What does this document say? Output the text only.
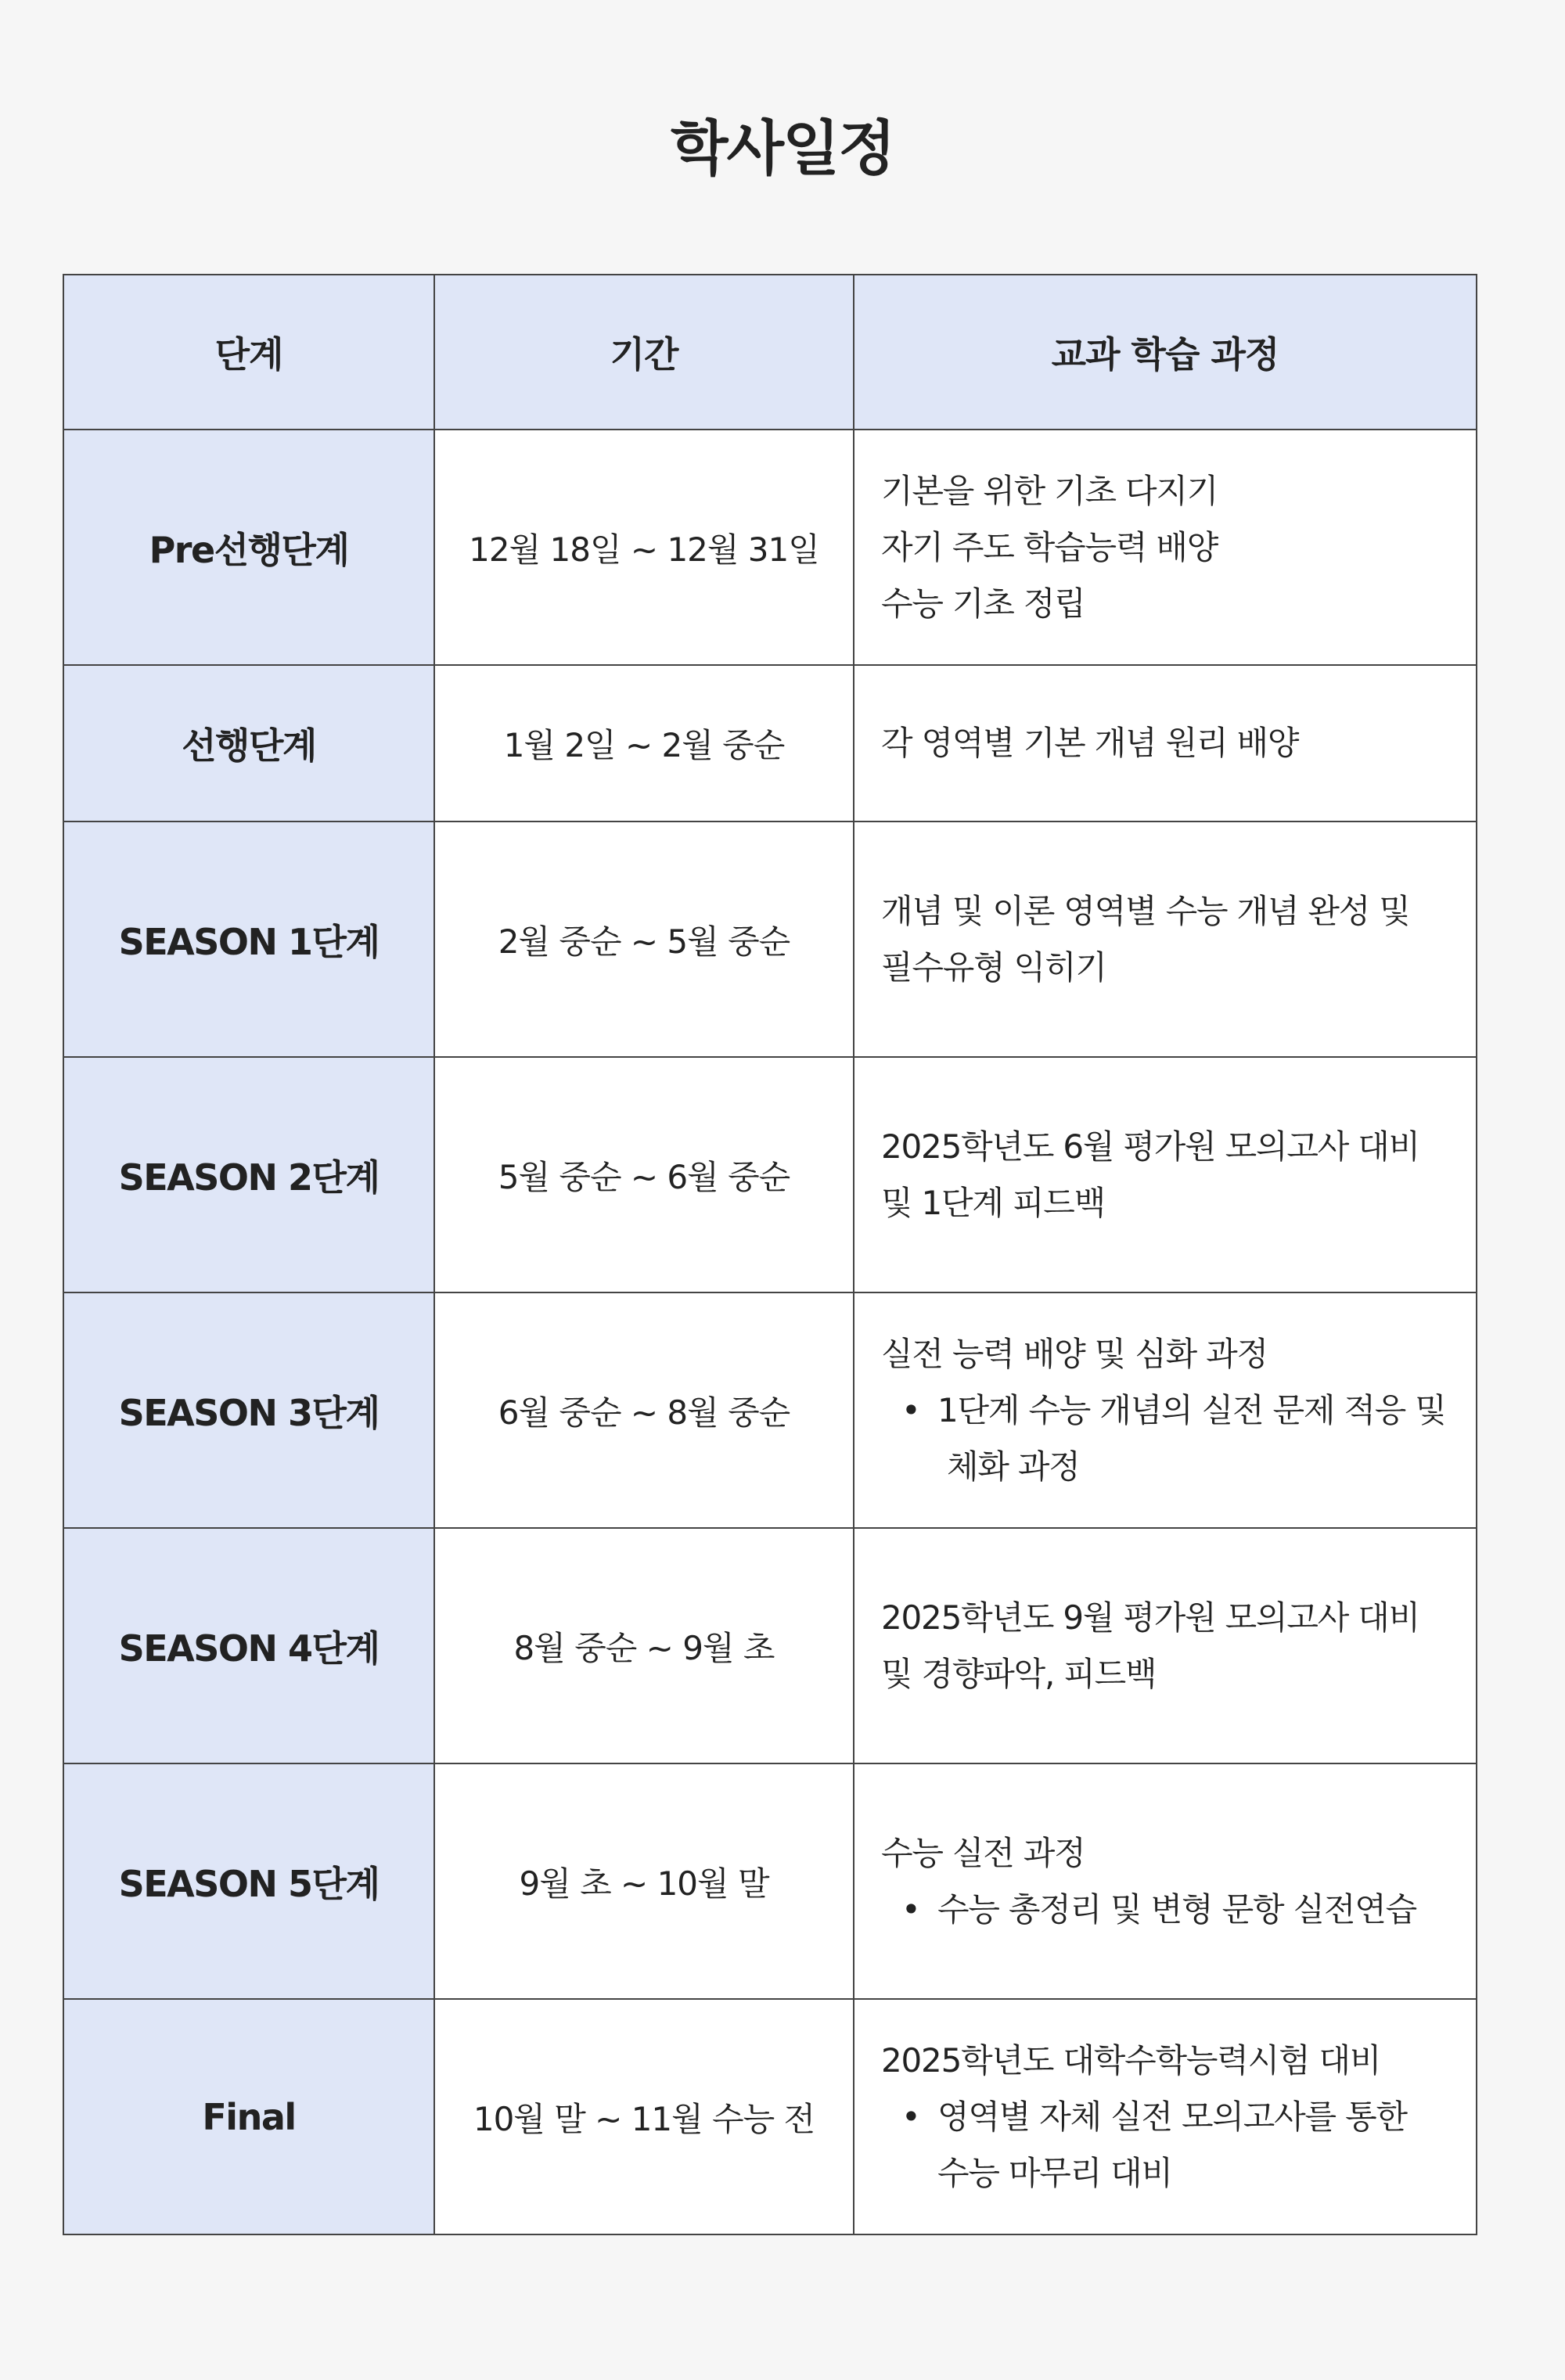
학사일정
단계	기간	교과 학습 과정
Pre선행단계	12월 18일 ~ 12월 31일	기본을 위한 기초 다지기
자기 주도 학습능력 배양
수능 기초 정립

선행단계	1월 2일 ~ 2월 중순	각 영역별 기본 개념 원리 배양

SEASON 1단계	2월 중순 ~ 5월 중순	개념 및 이론 영역별 수능 개념 완성 및
필수유형 익히기

SEASON 2단계	5월 중순 ~ 6월 중순	2025학년도 6월 평가원 모의고사 대비
및 1단계 피드백

SEASON 3단계	6월 중순 ~ 8월 중순	실전 능력 배양 및 심화 과정
• 1단계 수능 개념의 실전 문제 적응 및
체화 과정

SEASON 4단계	8월 중순 ~ 9월 초	2025학년도 9월 평가원 모의고사 대비
및 경향파악, 피드백

SEASON 5단계	9월 초 ~ 10월 말	수능 실전 과정
• 수능 총정리 및 변형 문항 실전연습

Final	10월 말 ~ 11월 수능 전	2025학년도 대학수학능력시험 대비
• 영역별 자체 실전 모의고사를 통한
수능 마무리 대비
